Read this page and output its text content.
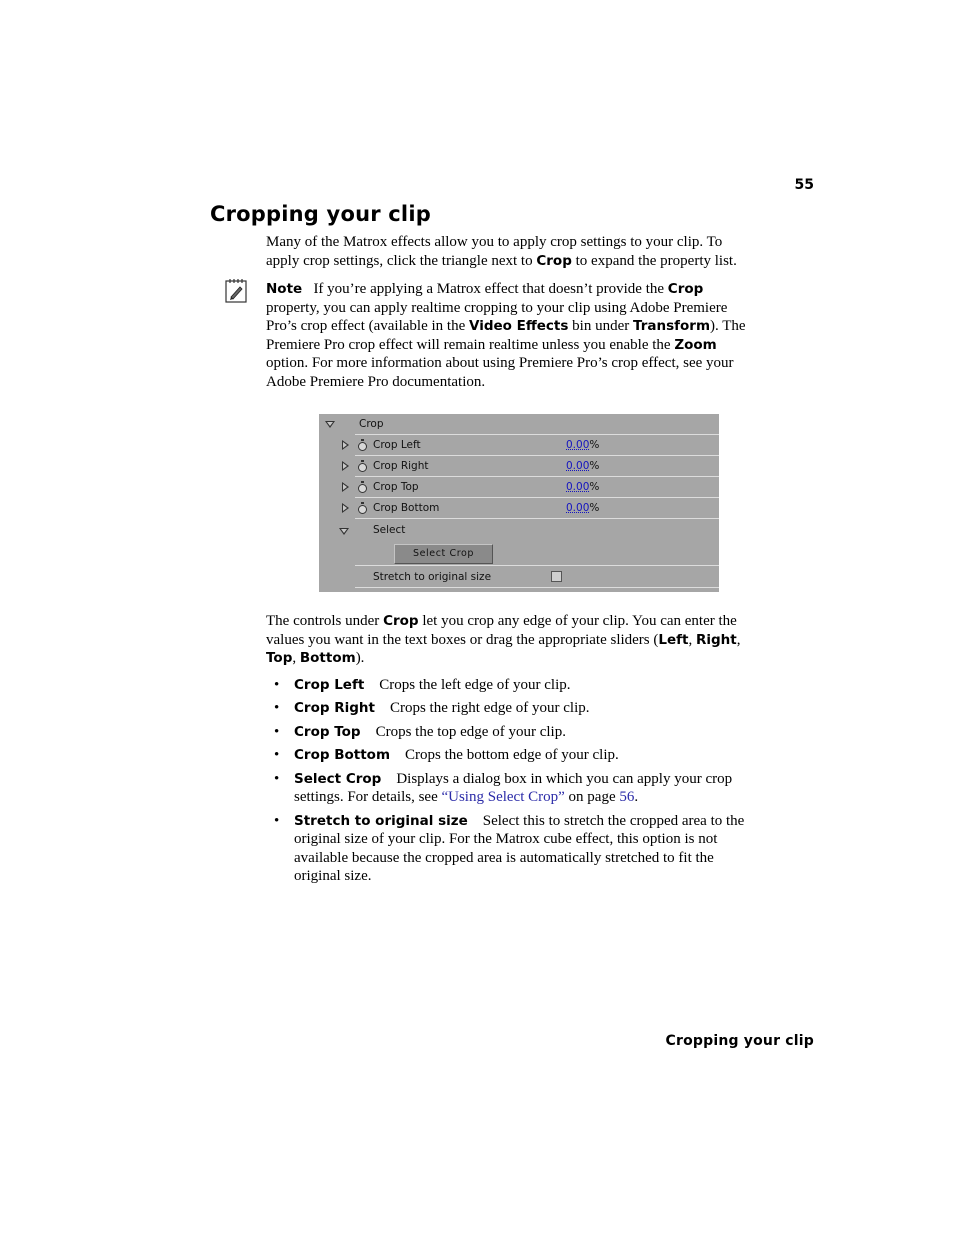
55
Cropping your clip

Many of the Matrox effects allow you to apply crop settings to your clip. To apply crop settings, click the triangle next to Crop to expand the property list.

Note If you’re applying a Matrox effect that doesn’t provide the Crop property, you can apply realtime cropping to your clip using Adobe Premiere Pro’s crop effect (available in the Video Effects bin under Transform). The Premiere Pro crop effect will remain realtime unless you enable the Zoom option. For more information about using Premiere Pro’s crop effect, see your Adobe Premiere Pro documentation.

Crop
Crop Left	0.00%
Crop Right	0.00%
Crop Top	0.00%
Crop Bottom	0.00%
Select
Select Crop
Stretch to original size

The controls under Crop let you crop any edge of your clip. You can enter the values you want in the text boxes or drag the appropriate sliders (Left, Right, Top, Bottom).

• Crop Left Crops the left edge of your clip.
• Crop Right Crops the right edge of your clip.
• Crop Top Crops the top edge of your clip.
• Crop Bottom Crops the bottom edge of your clip.
• Select Crop Displays a dialog box in which you can apply your crop settings. For details, see “Using Select Crop” on page 56.
• Stretch to original size Select this to stretch the cropped area to the original size of your clip. For the Matrox cube effect, this option is not available because the cropped area is automatically stretched to fit the original size.
Cropping your clip
